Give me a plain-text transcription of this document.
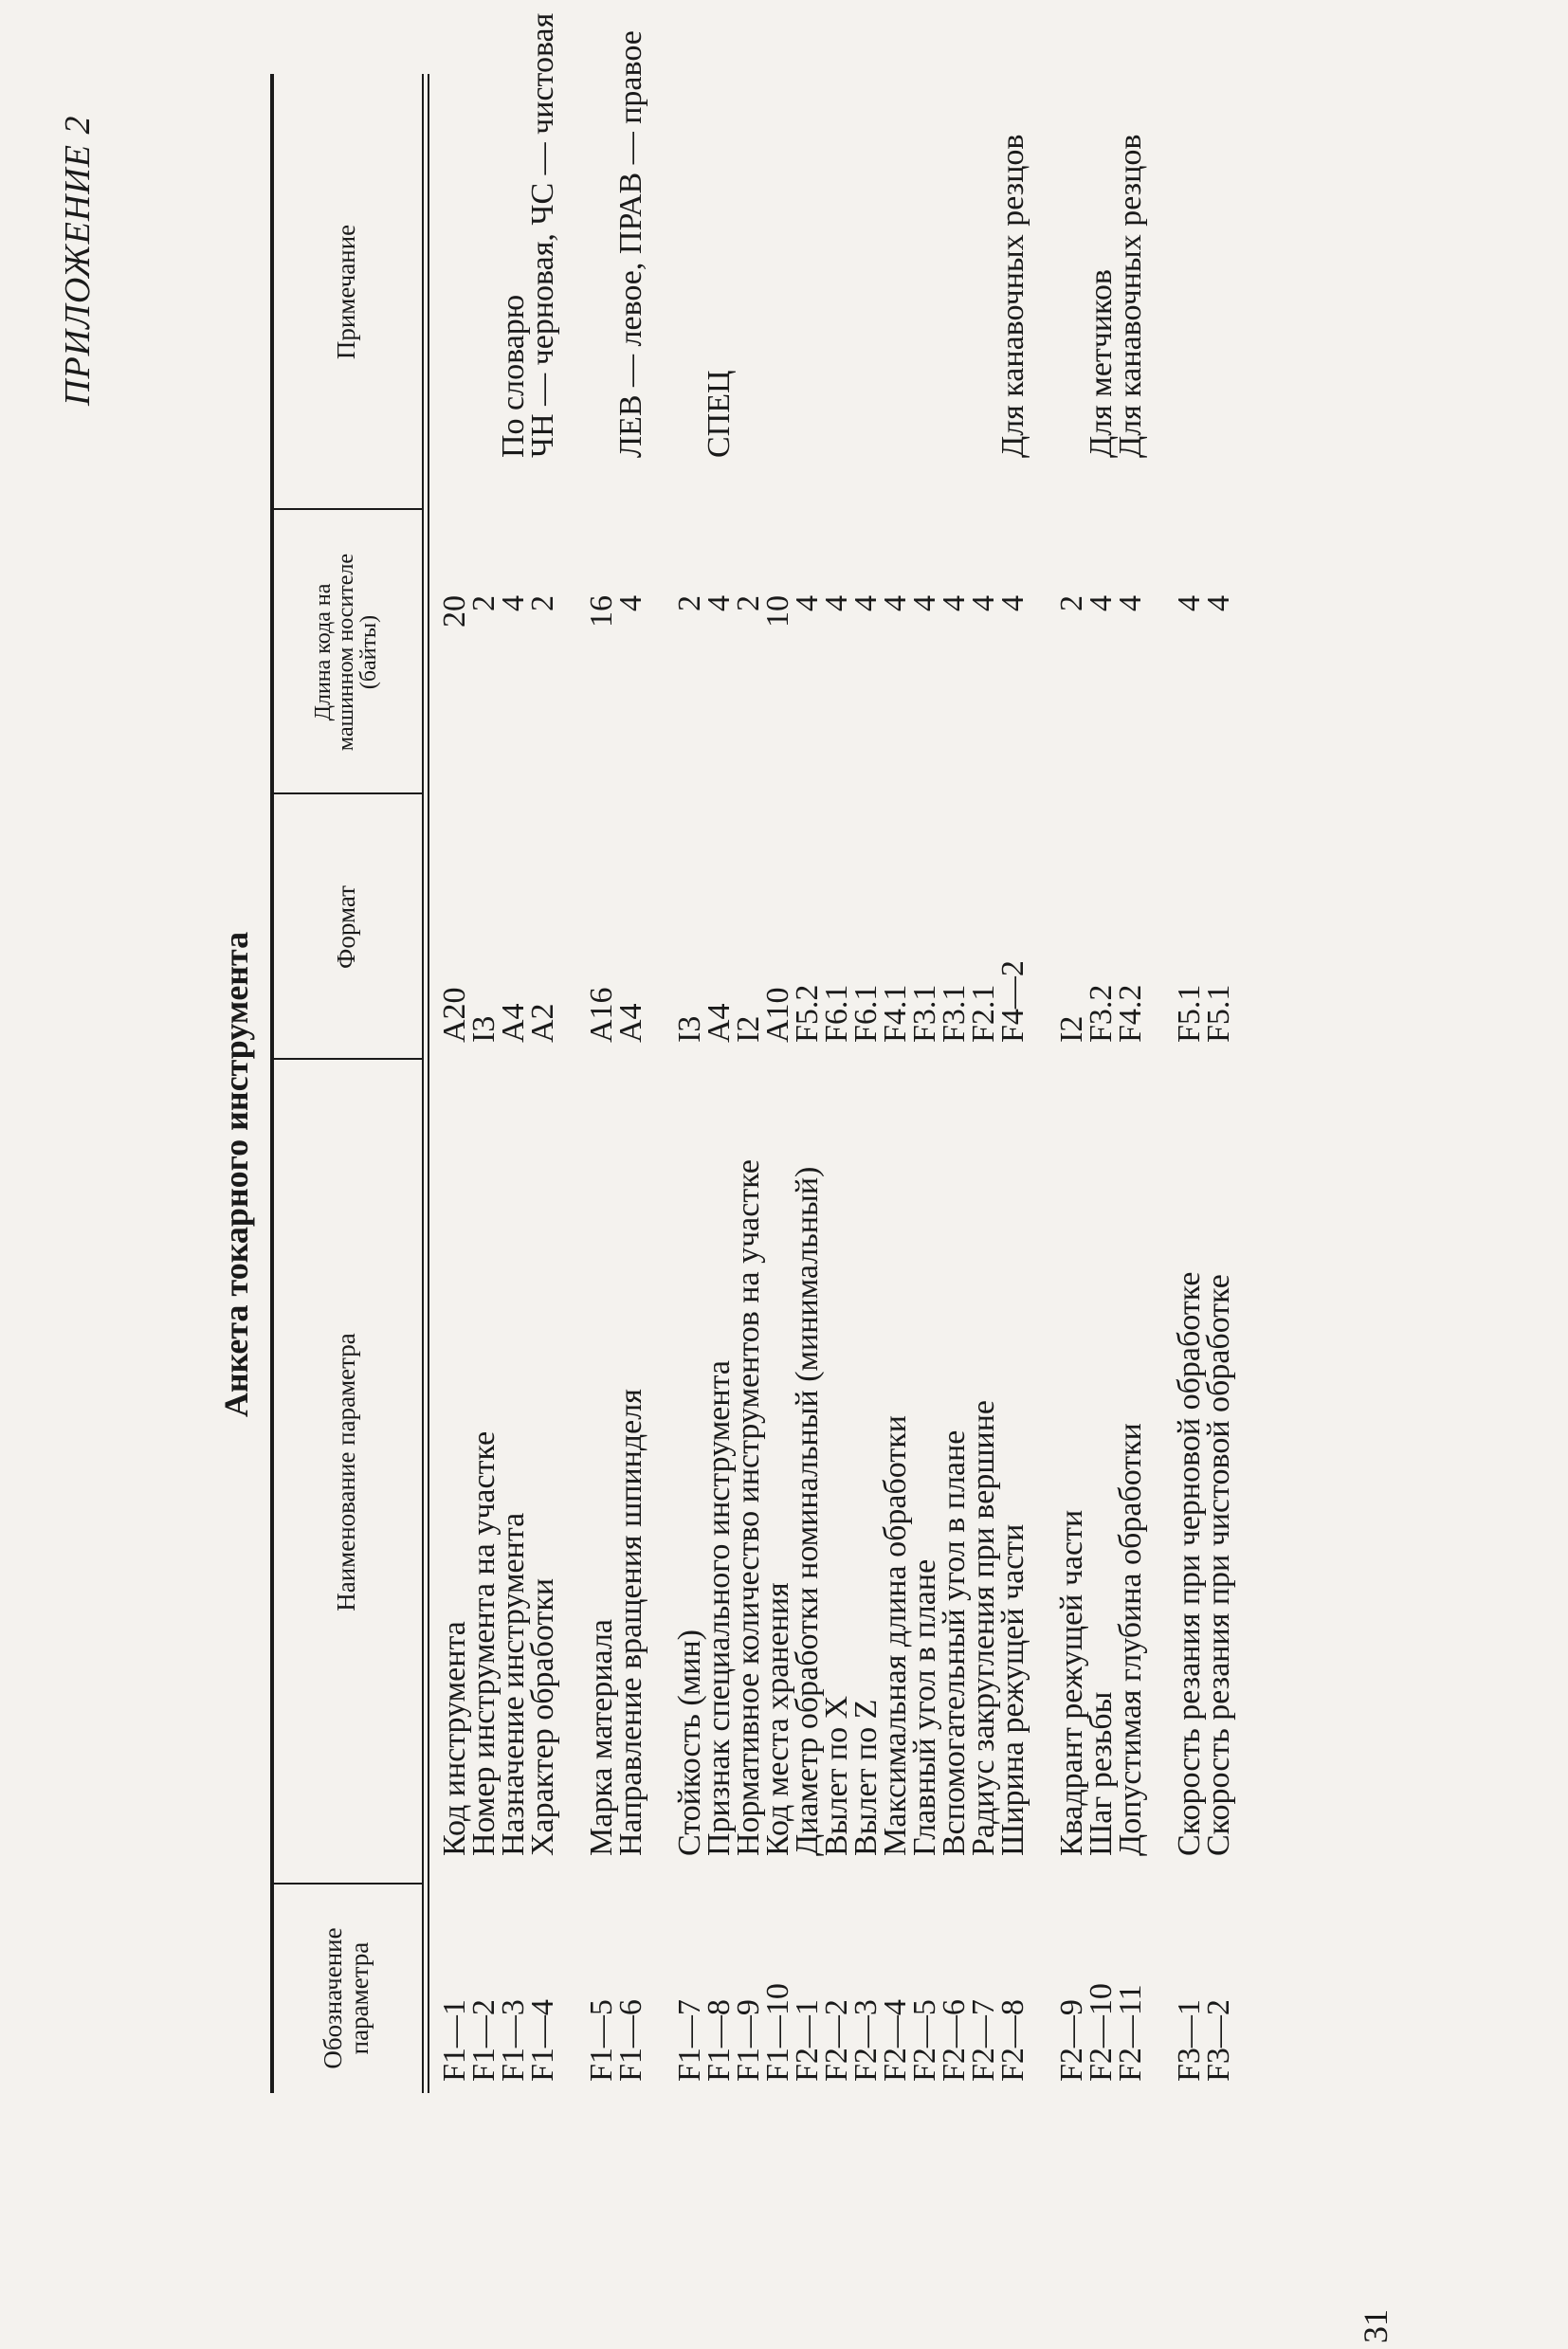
ПРИЛОЖЕНИЕ 2
Анкета токарного инструмента
Обозначение параметра
Наименование параметра
Формат
Длина кода на машинном носителе (байты)
Примечание
F1—1
Код инструмента
A20
20
F1—2
Номер инструмента на участке
I3
2
F1—3
Назначение инструмента
A4
4
По словарю
F1—4
Характер обработки
A2
2
ЧН — черновая, ЧС — чистовая
F1—5
Марка материала
A16
16
F1—6
Направление вращения шпинделя
A4
4
ЛЕВ — левое, ПРАВ — правое
F1—7
Стойкость (мин)
I3
2
F1—8
Признак специального инструмента
A4
4
СПЕЦ
F1—9
Нормативное количество инструментов на участке
I2
2
F1—10
Код места хранения
A10
10
F2—1
Диаметр обработки номинальный (минимальный)
F5.2
4
F2—2
Вылет по X
F6.1
4
F2—3
Вылет по Z
F6.1
4
F2—4
Максимальная длина обработки
F4.1
4
F2—5
Главный угол в плане
F3.1
4
F2—6
Вспомогательный угол в плане
F3.1
4
F2—7
Радиус закругления при вершине
F2.1
4
F2—8
Ширина режущей части
F4—2
4
Для канавочных резцов
F2—9
Квадрант режущей части
I2
2
F2—10
Шаг резьбы
F3.2
4
Для метчиков
F2—11
Допустимая глубина обработки
F4.2
4
Для канавочных резцов
F3—1
Скорость резания при черновой обработке
F5.1
4
F3—2
Скорость резания при чистовой обработке
F5.1
4
31
